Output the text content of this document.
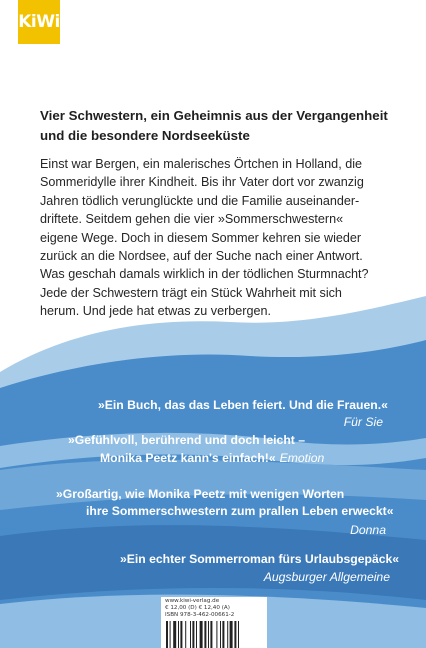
KiWi
Vier Schwestern, ein Geheimnis aus der Vergangenheit
und die besondere Nordseeküste
Einst war Bergen, ein malerisches Örtchen in Holland, die
Sommeridylle ihrer Kindheit. Bis ihr Vater dort vor zwanzig
Jahren tödlich verunglückte und die Familie auseinander-
driftete. Seitdem gehen die vier »Sommerschwestern«
eigene Wege. Doch in diesem Sommer kehren sie wieder
zurück an die Nordsee, auf der Suche nach einer Antwort.
Was geschah damals wirklich in der tödlichen Sturmnacht?
Jede der Schwestern trägt ein Stück Wahrheit mit sich
herum. Und jede hat etwas zu verbergen.
»Ein Buch, das das Leben feiert. Und die Frauen.«
Für Sie
»Gefühlvoll, berührend und doch leicht –
Monika Peetz kann's einfach!« Emotion
»Großartig, wie Monika Peetz mit wenigen Worten
ihre Sommerschwestern zum prallen Leben erweckt«
Donna
»Ein echter Sommerroman fürs Urlaubsgepäck«
Augsburger Allgemeine
www.kiwi-verlag.de
€ 12,00 (D) € 12,40 (A)
ISBN 978-3-462-00661-2
